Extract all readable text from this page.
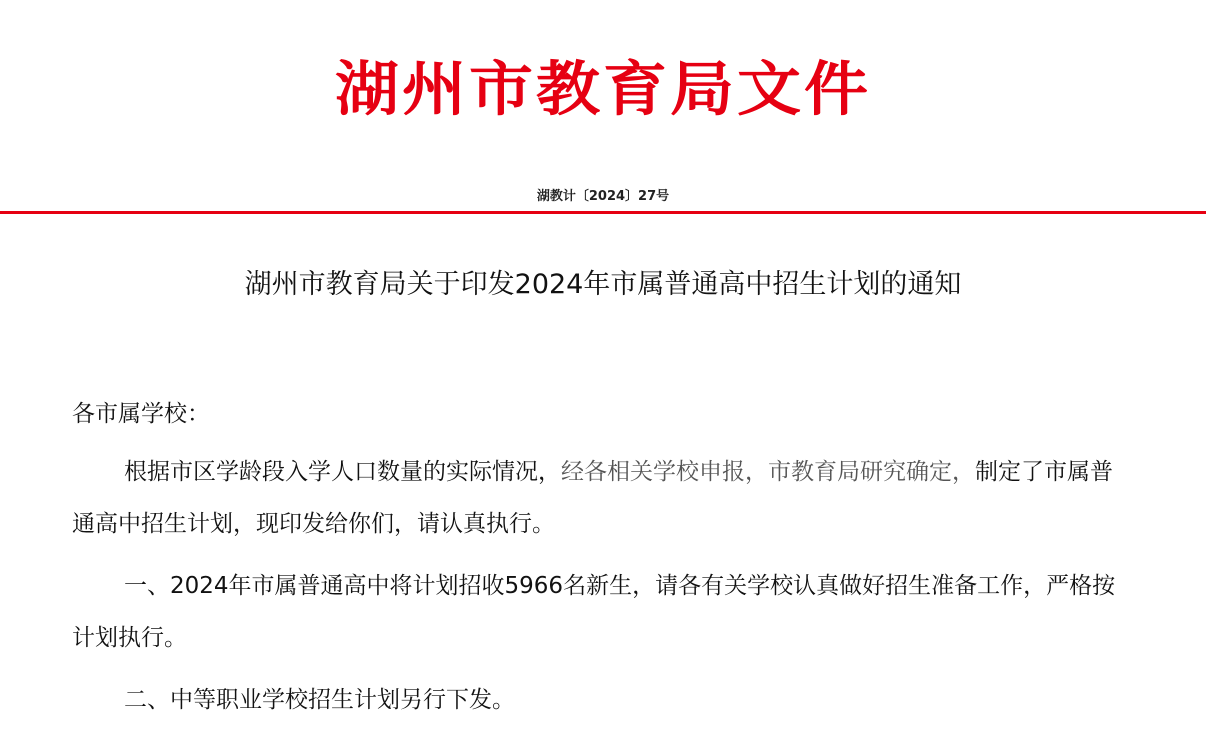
湖州市教育局文件
湖教计〔2024〕27号
湖州市教育局关于印发2024年市属普通高中招生计划的通知
各市属学校：
根据市区学龄段入学人口数量的实际情况，经各相关学校申报，市教育局研究确定，制定了市属普通高中招生计划，现印发给你们，请认真执行。
一、2024年市属普通高中将计划招收5966名新生，请各有关学校认真做好招生准备工作，严格按计划执行。
二、中等职业学校招生计划另行下发。
